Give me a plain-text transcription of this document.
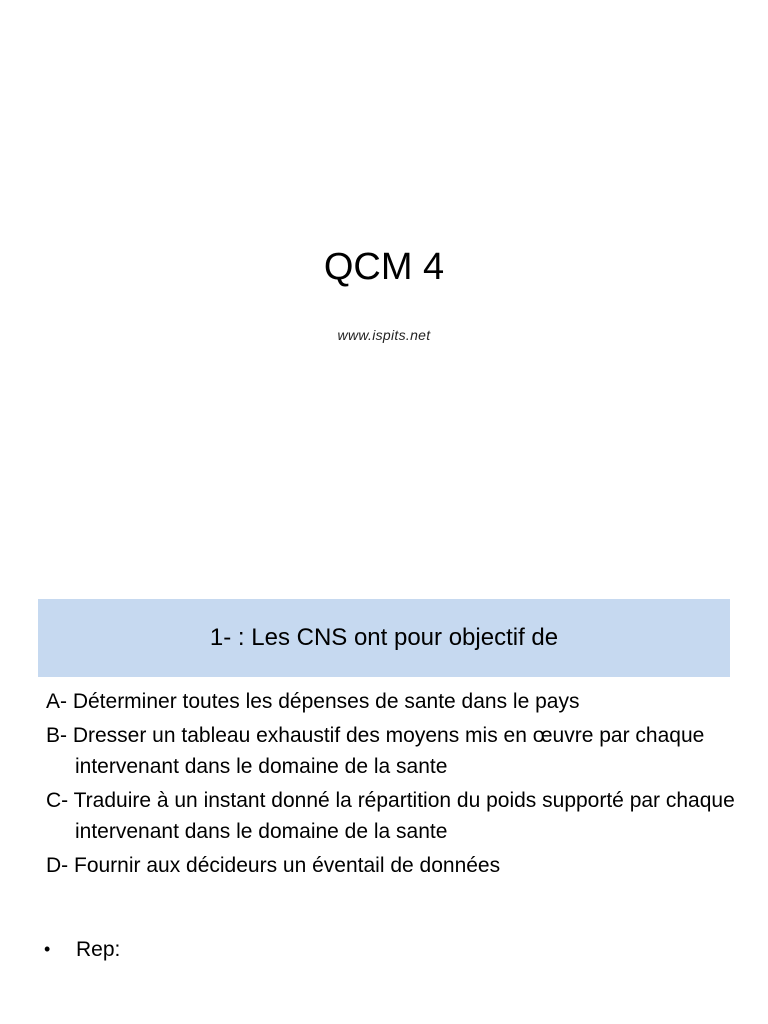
QCM 4
www.ispits.net
1- : Les CNS ont pour objectif de
A- Déterminer toutes les dépenses de sante dans le pays
B- Dresser un tableau exhaustif des moyens mis en œuvre par chaque intervenant dans le domaine de la sante
C- Traduire à un instant donné la répartition du poids supporté par chaque intervenant dans le domaine de la sante
D- Fournir aux décideurs un éventail de données
•	Rep:
